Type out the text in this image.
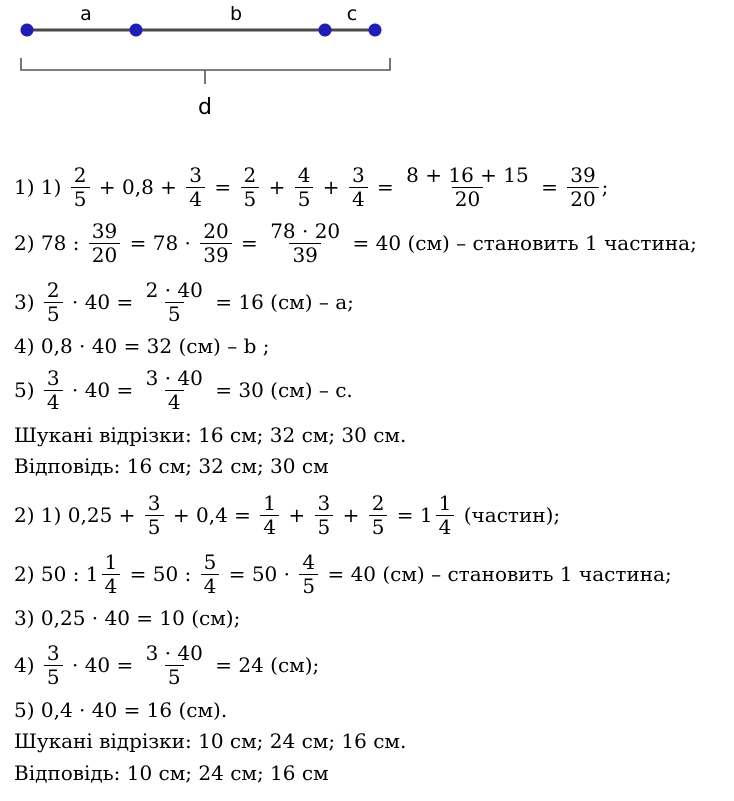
a	b	c
d
1) $1) \frac{2}{5} + 0,8 + \frac{3}{4} = \frac{2}{5} + \frac{4}{5} + \frac{3}{4} = \frac{8 + 16 + 15}{20} = \frac{39}{20}$ ;
2) 78 : $\frac{39}{20} = 78 \cdot \frac{20}{39} = \frac{78 \cdot 20}{39} = 40$ (см) – становить 1 частина;
$3) \frac{2}{5} \cdot 40 = \frac{2 \cdot 40}{5} = 16$ (см) – а;
4) 0,8 · 40 = 32 (см) – b ;
$5) \frac{3}{4} \cdot 40 = \frac{3 \cdot 40}{4} = 30$ (см) – с.
Шукані відрізки: 16 см; 32 см; 30 см.
Відповідь: 16 см; 32 см; 30 см
2) 1) $0,25 + \frac{3}{5} + 0,4 = \frac{1}{4} + \frac{3}{5} + \frac{2}{5} = 1 \frac{1}{4}$ (частин);
2) 50 : $1 \frac{1}{4} = 50$ : $\frac{5}{4} = 50 \cdot \frac{4}{5} = 40$ (см) – становить 1 частина;
3) 0,25 · 40 = 10 (см);
$4) \frac{3}{5} \cdot 40 = \frac{3 \cdot 40}{5} = 24$ (см);
5) 0,4 · 40 = 16 (см).
Шукані відрізки: 10 см; 24 см; 16 см.
Відповідь: 10 см; 24 см; 16 см
